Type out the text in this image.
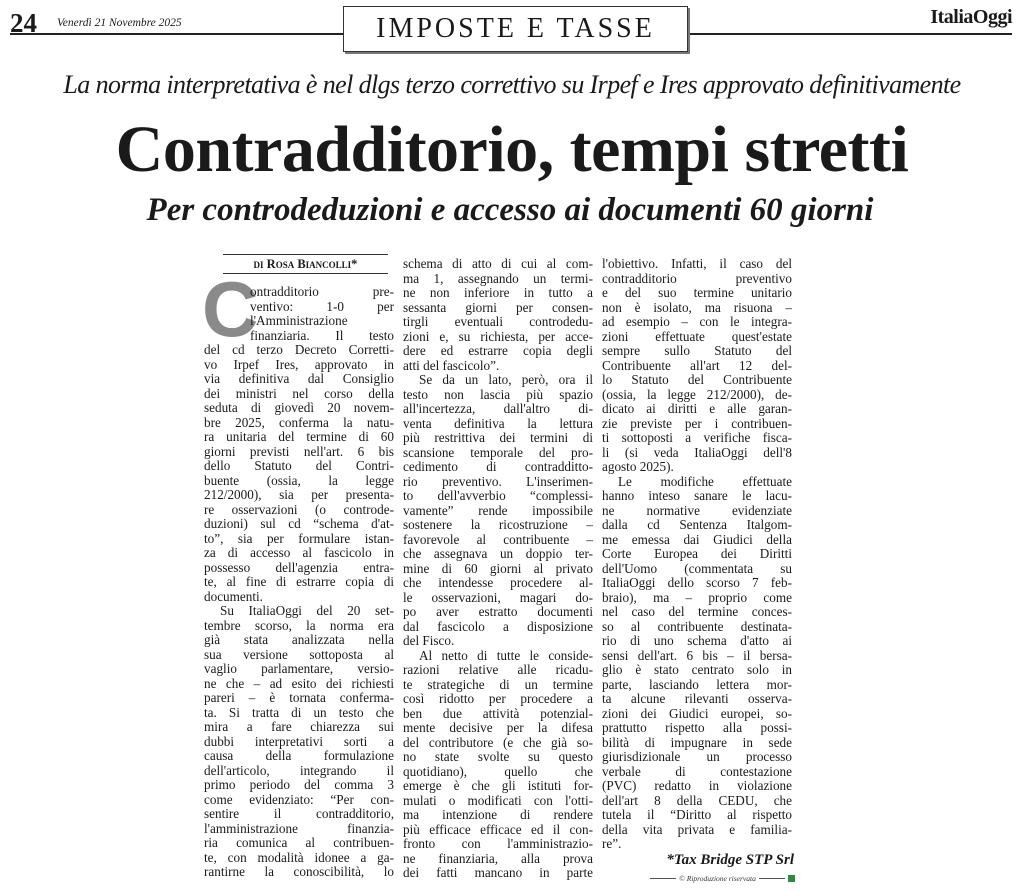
24 Venerdì 21 Novembre 2025	IMPOSTE E TASSE	ItaliaOggi
La norma interpretativa è nel dlgs terzo correttivo su Irpef e Ires approvato definitivamente
Contradditorio, tempi stretti
Per controdeduzioni e accesso ai documenti 60 giorni
di Rosa Biancolli*
C
ontradditorio pre-
ventivo: 1-0 per
l'Amministrazione
finanziaria. Il testo
del cd terzo Decreto Corretti-
vo Irpef Ires, approvato in
via definitiva dal Consiglio
dei ministri nel corso della
seduta di giovedì 20 novem-
bre 2025, conferma la natu-
ra unitaria del termine di 60
giorni previsti nell'art. 6 bis
dello Statuto del Contri-
buente (ossia, la legge
212/2000), sia per presenta-
re osservazioni (o controde-
duzioni) sul cd “schema d'at-
to”, sia per formulare istan-
za di accesso al fascicolo in
possesso dell'agenzia entra-
te, al fine di estrarre copia di
documenti.
Su ItaliaOggi del 20 set-
tembre scorso, la norma era
già stata analizzata nella
sua versione sottoposta al
vaglio parlamentare, versio-
ne che – ad esito dei richiesti
pareri – è tornata conferma-
ta. Si tratta di un testo che
mira a fare chiarezza sui
dubbi interpretativi sorti a
causa della formulazione
dell'articolo, integrando il
primo periodo del comma 3
come evidenziato: “Per con-
sentire il contradditorio,
l'amministrazione finanzia-
ria comunica al contribuen-
te, con modalità idonee a ga-
rantirne la conoscibilità, lo
schema di atto di cui al com-
ma 1, assegnando un termi-
ne non inferiore in tutto a
sessanta giorni per consen-
tirgli eventuali controdedu-
zioni e, su richiesta, per acce-
dere ed estrarre copia degli
atti del fascicolo”.
Se da un lato, però, ora il
testo non lascia più spazio
all'incertezza, dall'altro di-
venta definitiva la lettura
più restrittiva dei termini di
scansione temporale del pro-
cedimento di contradditto-
rio preventivo. L'inserimen-
to dell'avverbio “complessi-
vamente” rende impossibile
sostenere la ricostruzione –
favorevole al contribuente –
che assegnava un doppio ter-
mine di 60 giorni al privato
che intendesse procedere al-
le osservazioni, magari do-
po aver estratto documenti
dal fascicolo a disposizione
del Fisco.
Al netto di tutte le conside-
razioni relative alle ricadu-
te strategiche di un termine
così ridotto per procedere a
ben due attività potenzial-
mente decisive per la difesa
del contributore (e che già so-
no state svolte su questo
quotidiano), quello che
emerge è che gli istituti for-
mulati o modificati con l'otti-
ma intenzione di rendere
più efficace efficace ed il con-
fronto con l'amministrazio-
ne finanziaria, alla prova
dei fatti mancano in parte
l'obiettivo. Infatti, il caso del
contradditorio preventivo
e del suo termine unitario
non è isolato, ma risuona –
ad esempio – con le integra-
zioni effettuate quest'estate
sempre sullo Statuto del
Contribuente all'art 12 del-
lo Statuto del Contribuente
(ossia, la legge 212/2000), de-
dicato ai diritti e alle garan-
zie previste per i contribuen-
ti sottoposti a verifiche fisca-
li (si veda ItaliaOggi dell'8
agosto 2025).
Le modifiche effettuate
hanno inteso sanare le lacu-
ne normative evidenziate
dalla cd Sentenza Italgom-
me emessa dai Giudici della
Corte Europea dei Diritti
dell'Uomo (commentata su
ItaliaOggi dello scorso 7 feb-
braio), ma – proprio come
nel caso del termine conces-
so al contribuente destinata-
rio di uno schema d'atto ai
sensi dell'art. 6 bis – il bersa-
glio è stato centrato solo in
parte, lasciando lettera mor-
ta alcune rilevanti osserva-
zioni dei Giudici europei, so-
prattutto rispetto alla possi-
bilità di impugnare in sede
giurisdizionale un processo
verbale di contestazione
(PVC) redatto in violazione
dell'art 8 della CEDU, che
tutela il “Diritto al rispetto
della vita privata e familia-
re”.
*Tax Bridge STP Srl
© Riproduzione riservata
